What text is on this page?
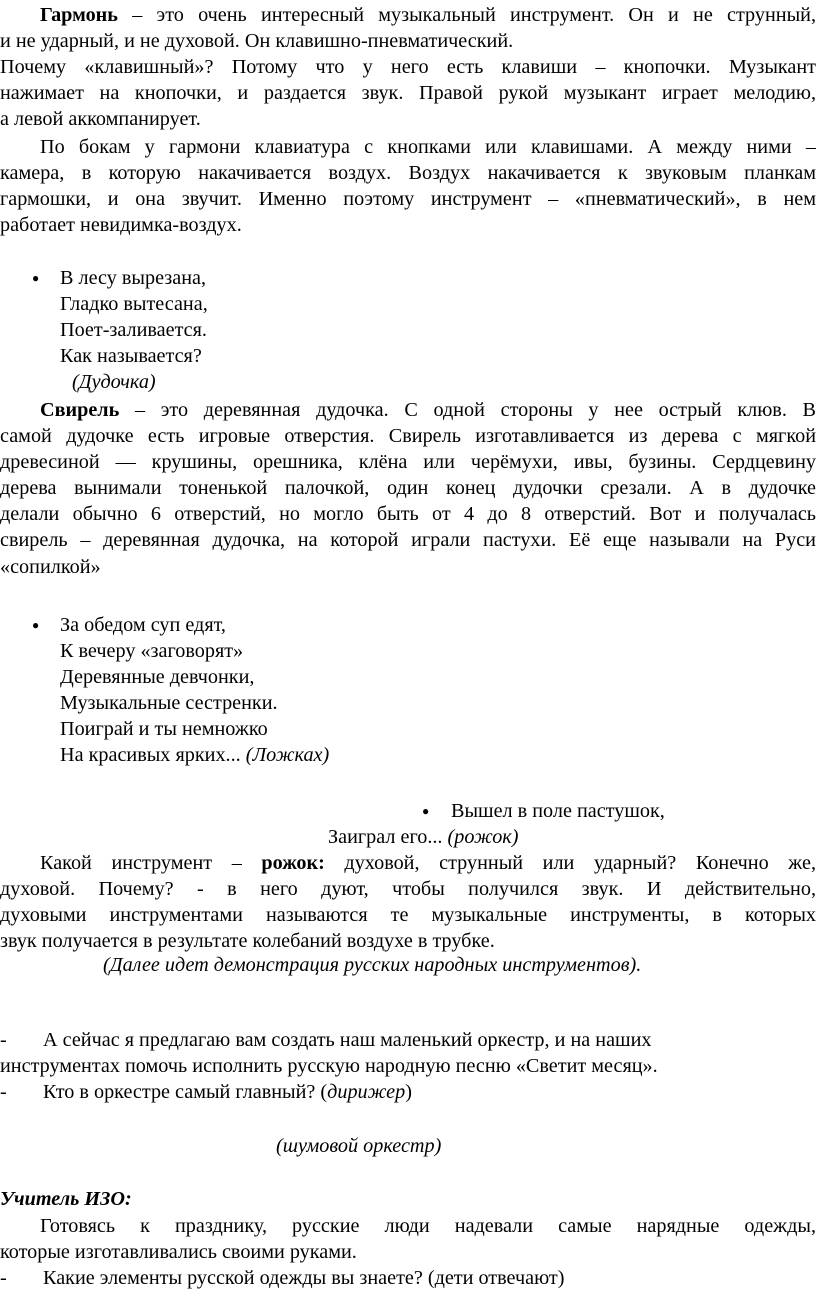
Гармонь – это очень интересный музыкальный инструмент. Он и не струнный,
и не ударный, и не духовой. Он клавишно-пневматический.
Почему «клавишный»? Потому что у него есть клавиши – кнопочки. Музыкант
нажимает на кнопочки, и раздается звук. Правой рукой музыкант играет мелодию,
а левой аккомпанирует.
По бокам у гармони клавиатура с кнопками или клавишами. А между ними –
камера, в которую накачивается воздух. Воздух накачивается к звуковым планкам
гармошки, и она звучит. Именно поэтому инструмент – «пневматический», в нем
работает невидимка-воздух.
● В лесу вырезана,
Гладко вытесана,
Поет-заливается.
Как называется?
(Дудочка)
Свирель – это деревянная дудочка. С одной стороны у нее острый клюв. В
самой дудочке есть игровые отверстия. Свирель изготавливается из дерева с мягкой
древесиной — крушины, орешника, клёна или черёмухи, ивы, бузины. Сердцевину
дерева вынимали тоненькой палочкой, один конец дудочки срезали. А в дудочке
делали обычно 6 отверстий, но могло быть от 4 до 8 отверстий. Вот и получалась
свирель – деревянная дудочка, на которой играли пастухи. Её еще называли на Руси
«сопилкой»
● За обедом суп едят,
К вечеру «заговорят»
Деревянные девчонки,
Музыкальные сестренки.
Поиграй и ты немножко
На красивых ярких... (Ложках)
● Вышел в поле пастушок,
Заиграл его... (рожок)
Какой инструмент – рожок: духовой, струнный или ударный? Конечно же,
духовой. Почему? - в него дуют, чтобы получился звук. И действительно,
духовыми инструментами называются те музыкальные инструменты, в которых
звук получается в результате колебаний воздухе в трубке.
(Далее идет демонстрация русских народных инструментов).
- А сейчас я предлагаю вам создать наш маленький оркестр, и на наших
инструментах помочь исполнить русскую народную песню «Светит месяц».
- Кто в оркестре самый главный? (дирижер)
(шумовой оркестр)
Учитель ИЗО:
Готовясь к празднику, русские люди надевали самые нарядные одежды,
которые изготавливались своими руками.
- Какие элементы русской одежды вы знаете? (дети отвечают)
